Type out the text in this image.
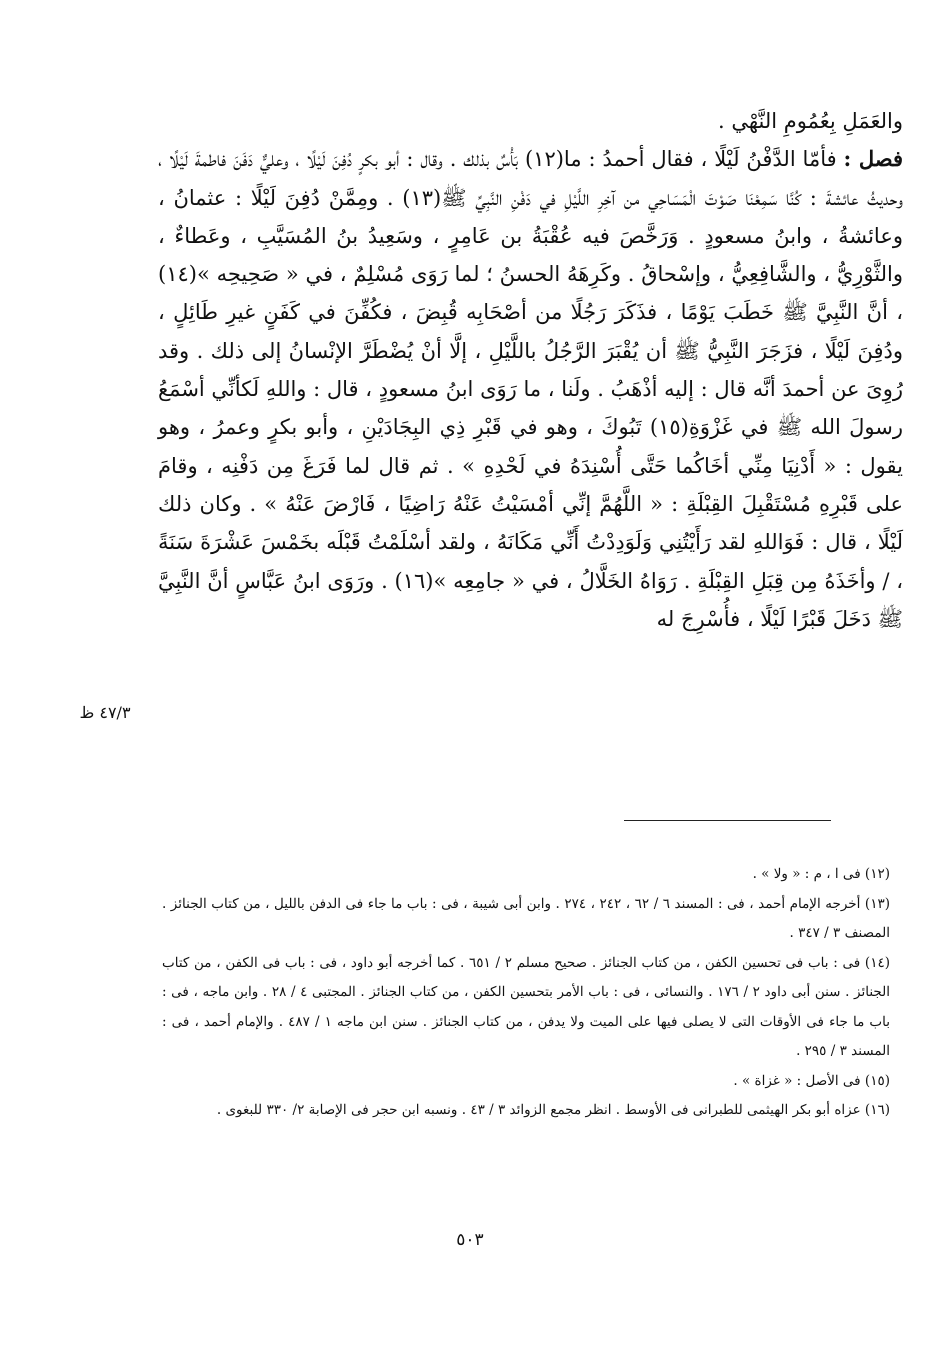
والعَمَلِ بِعُمُومِ النَّهْي .

فصل : فأمّا الدَّفْنُ لَيْلًا ، فقال أحمدُ : ما(١٢) بَأْسٌ بذلك . وقال : أبو بكرٍ دُفِنَ لَيْلًا ، وعليٌّ دَفَنَ فاطمةَ لَيْلًا ، وحديثُ عائشةَ : كُنَّا سَمِعْنَا صَوْتَ الْمَسَاحِي من آخِرِ اللَّيْلِ في دَفْنِ النَّبِيِّ ﷺ(١٣) . ومِمَّنْ دُفِنَ لَيْلًا : عثمانُ ، وعائشةُ ، وابنُ مسعودٍ . وَرَخَّصَ فيه عُقْبَةُ بن عَامِرٍ ، وسَعِيدُ بنُ المُسَيَّبِ ، وعَطاءٌ ، والثَّوْرِيُّ ، والشَّافِعِيُّ ، وإسْحاقُ . وكَرِهَهُ الحسنُ ؛ لما رَوَى مُسْلِمٌ ، في « صَحِيحِه »(١٤) ، أنَّ النَّبِيَّ ﷺ خَطَبَ يَوْمًا ، فذَكَرَ رَجُلًا من أصْحَابِه قُبِضَ ، فكُفِّنَ في كَفَنٍ غيرِ طَائِلٍ ، ودُفِنَ لَيْلًا ، فزَجَرَ النَّبِيُّ ﷺ أن يُقْبَرَ الرَّجُلُ باللَّيْلِ ، إلَّا أنْ يُضْطَرَّ الإنْسانُ إلى ذلك . وقد رُوِىَ عن أحمدَ أنَّه قال : إليه أذْهَبُ . ولَنا ، ما رَوَى ابنُ مسعودٍ ، قال : واللهِ لَكأنِّي أسْمَعُ رسولَ الله ﷺ في غَزْوَةِ(١٥) تَبُوكَ ، وهو في قَبْرِ ذِي البِجَادَيْنِ ، وأبو بكرٍ وعمرُ ، وهو يقول : « أَدْنِيَا مِنِّي أخَاكُما حَتَّى أُسْنِدَهُ في لَحْدِهِ » . ثم قال لما فَرَغَ مِن دَفْنِه ، وقامَ على قَبْرِهِ مُسْتَقْبِلَ القِبْلَةِ : « اللَّهُمَّ إنِّي أمْسَيْتُ عَنْهُ رَاضِيًا ، فَارْضَ عَنْهُ » . وكان ذلك لَيْلًا ، قال : فَوَاللهِ لقد رَأَيْتُنِي وَلَوَدِدْتُ أَنِّي مَكَانَهُ ، ولقد أسْلَمْتُ قَبْلَه بخَمْسَ عَشْرَةَ سَنَةً ، / وأخَذَهُ مِن قِبَلِ القِبْلَةِ . رَوَاهُ الخَلَّالُ ، في « جامِعِه »(١٦) . ورَوَى ابنُ عَبَّاسٍ أنَّ النَّبِيَّ ﷺ دَخَلَ قَبْرًا لَيْلًا ، فأُسْرِجَ له

٤٧/٣ ظ

(١٢) فى ا ، م : « ولا » .

(١٣) أخرجه الإمام أحمد ، فى : المسند ٦ / ٦٢ ، ٢٤٢ ، ٢٧٤ . وابن أبى شيبة ، فى : باب ما جاء فى الدفن بالليل ، من كتاب الجنائز . المصنف ٣ / ٣٤٧ .

(١٤) فى : باب فى تحسين الكفن ، من كتاب الجنائز . صحيح مسلم ٢ / ٦٥١ . كما أخرجه أبو داود ، فى : باب فى الكفن ، من كتاب الجنائز . سنن أبى داود ٢ / ١٧٦ . والنسائى ، فى : باب الأمر بتحسين الكفن ، من كتاب الجنائز . المجتبى ٤ / ٢٨ . وابن ماجه ، فى : باب ما جاء فى الأوقات التى لا يصلى فيها على الميت ولا يدفن ، من كتاب الجنائز . سنن ابن ماجه ١ / ٤٨٧ . والإمام أحمد ، فى : المسند ٣ / ٢٩٥ .

(١٥) فى الأصل : « غزاة » .

(١٦) عزاه أبو بكر الهيثمى للطبرانى فى الأوسط . انظر مجمع الزوائد ٣ / ٤٣ . ونسبه ابن حجر فى الإصابة ٢/ ٣٣٠ للبغوى .

٥٠٣
